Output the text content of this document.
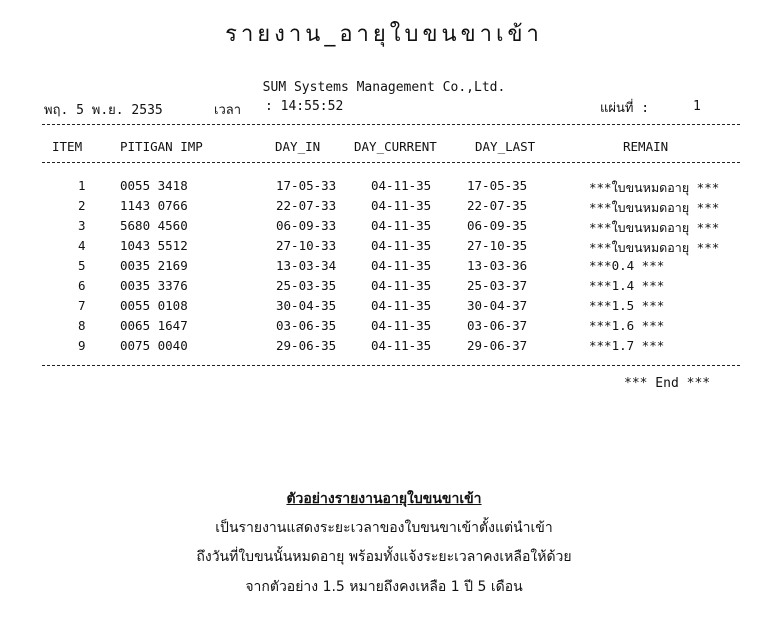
รายงาน_อายุใบขนขาเข้า
SUM Systems Management Co.,Ltd.
พฤ. 5 พ.ย. 2535	เวลา : 14:55:52	แผ่นที่ :	1
ITEM	PITIGAN IMP	DAY_IN	DAY_CURRENT	DAY_LAST	REMAIN
1	0055 3418	17-05-33	04-11-35	17-05-35	***ใบขนหมดอายุ ***
2	1143 0766	22-07-33	04-11-35	22-07-35	***ใบขนหมดอายุ ***
3	5680 4560	06-09-33	04-11-35	06-09-35	***ใบขนหมดอายุ ***
4	1043 5512	27-10-33	04-11-35	27-10-35	***ใบขนหมดอายุ ***
5	0035 2169	13-03-34	04-11-35	13-03-36	***0.4 ***
6	0035 3376	25-03-35	04-11-35	25-03-37	***1.4 ***
7	0055 0108	30-04-35	04-11-35	30-04-37	***1.5 ***
8	0065 1647	03-06-35	04-11-35	03-06-37	***1.6 ***
9	0075 0040	29-06-35	04-11-35	29-06-37	***1.7 ***
*** End ***
ตัวอย่างรายงานอายุใบขนขาเข้า
เป็นรายงานแสดงระยะเวลาของใบขนขาเข้าตั้งแต่นำเข้า
ถึงวันที่ใบขนนั้นหมดอายุ พร้อมทั้งแจ้งระยะเวลาคงเหลือให้ด้วย
จากตัวอย่าง 1.5 หมายถึงคงเหลือ 1 ปี 5 เดือน
